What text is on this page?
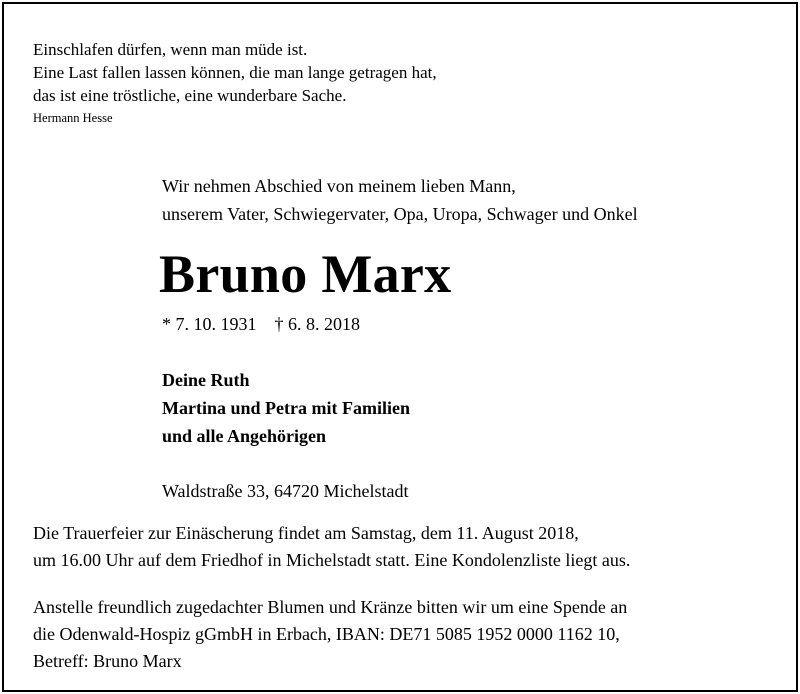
Einschlafen dürfen, wenn man müde ist.
Eine Last fallen lassen können, die man lange getragen hat,
das ist eine tröstliche, eine wunderbare Sache.
Hermann Hesse
Wir nehmen Abschied von meinem lieben Mann,
unserem Vater, Schwiegervater, Opa, Uropa, Schwager und Onkel
Bruno Marx
* 7. 10. 1931 † 6. 8. 2018
Deine Ruth
Martina und Petra mit Familien
und alle Angehörigen
Waldstraße 33, 64720 Michelstadt
Die Trauerfeier zur Einäscherung findet am Samstag, dem 11. August 2018,
um 16.00 Uhr auf dem Friedhof in Michelstadt statt. Eine Kondolenzliste liegt aus.
Anstelle freundlich zugedachter Blumen und Kränze bitten wir um eine Spende an
die Odenwald-Hospiz gGmbH in Erbach, IBAN: DE71 5085 1952 0000 1162 10,
Betreff: Bruno Marx
